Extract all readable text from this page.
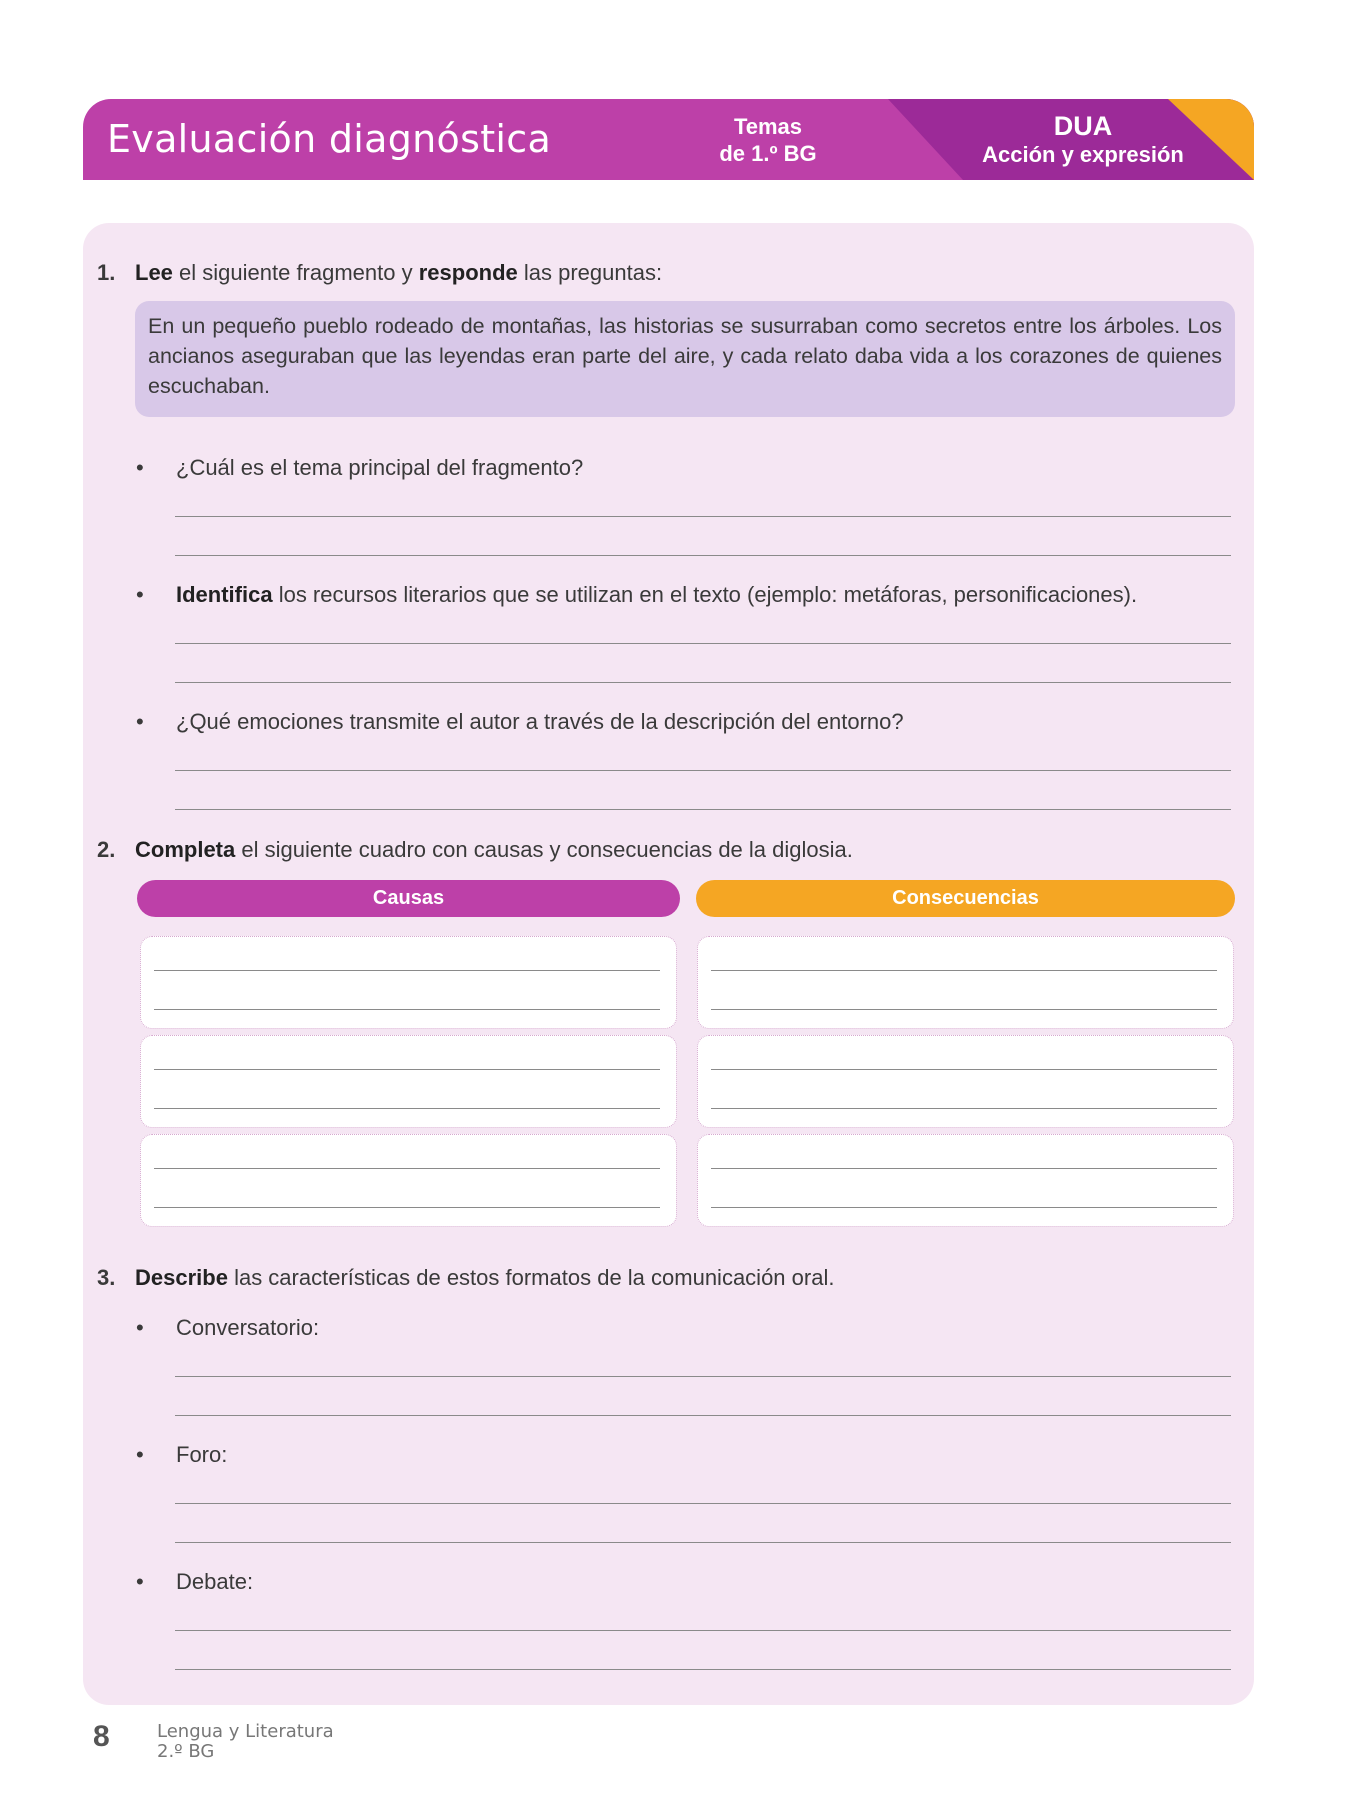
Evaluación diagnóstica	Temas
de 1.º BG
DUA
Acción y expresión
1. Lee el siguiente fragmento y responde las preguntas:
En un pequeño pueblo rodeado de montañas, las historias se susurraban como secretos entre los árboles. Los ancianos aseguraban que las leyendas eran parte del aire, y cada relato daba vida a los corazones de quienes escuchaban.
• ¿Cuál es el tema principal del fragmento?
• Identifica los recursos literarios que se utilizan en el texto (ejemplo: metáforas, personificaciones).
• ¿Qué emociones transmite el autor a través de la descripción del entorno?
2. Completa el siguiente cuadro con causas y consecuencias de la diglosia.
Causas	Consecuencias
3. Describe las características de estos formatos de la comunicación oral.
• Conversatorio:
• Foro:
• Debate:
8	Lengua y Literatura
2.º BG
